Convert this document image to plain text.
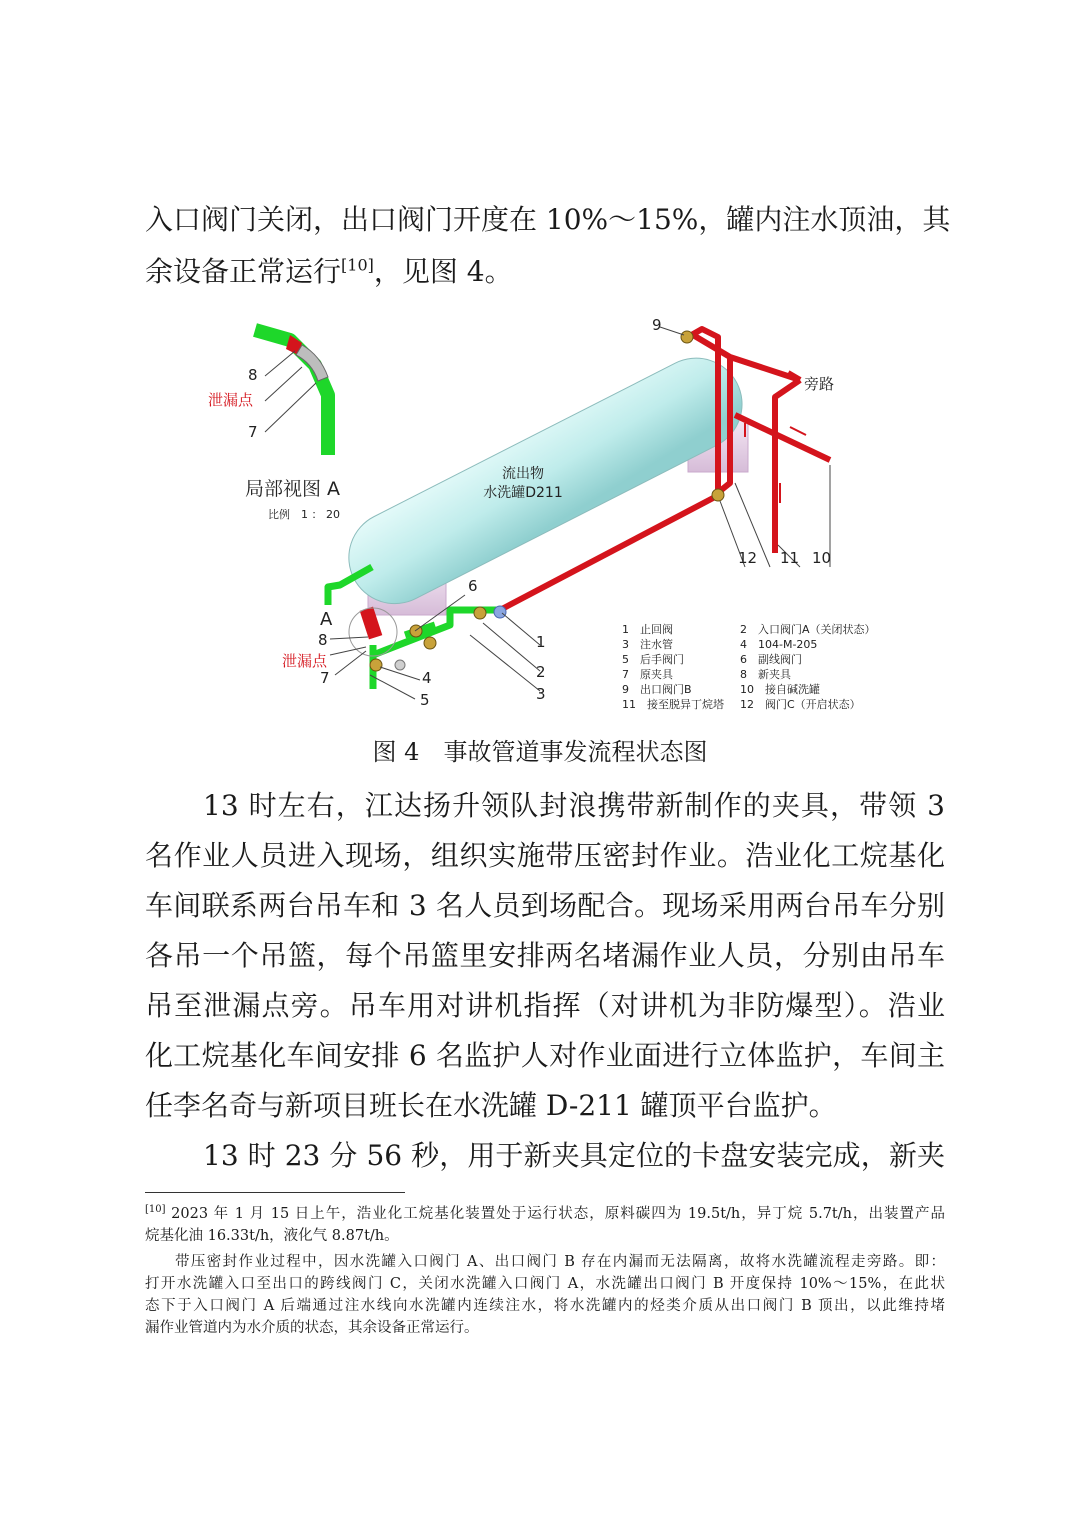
入口阀门关闭，出口阀门开度在 10%～15%，罐内注水顶油，其
余设备正常运行[10]，见图 4。
流出物
水洗罐D211
A
8
泄漏点
7	4
5
6
1
2
3
9
12 11 10
旁路
8
泄漏点
7
局部视图 A
比例　1 ： 20
1　止回阀	2　入口阀门A（关闭状态）
3　注水管	4　104-M-205
5　后手阀门	6　副线阀门
7　原夹具	8　新夹具
9　出口阀门B	10　接自碱洗罐
11　接至脱异丁烷塔 12　阀门C（开启状态）
图 4　事故管道事发流程状态图
13 时左右，江达扬升领队封浪携带新制作的夹具，带领 3
名作业人员进入现场，组织实施带压密封作业。浩业化工烷基化
车间联系两台吊车和 3 名人员到场配合。现场采用两台吊车分别
各吊一个吊篮，每个吊篮里安排两名堵漏作业人员，分别由吊车
吊至泄漏点旁。吊车用对讲机指挥（对讲机为非防爆型）。浩业
化工烷基化车间安排 6 名监护人对作业面进行立体监护，车间主
任李名奇与新项目班长在水洗罐 D-211 罐顶平台监护。
13 时 23 分 56 秒，用于新夹具定位的卡盘安装完成，新夹
[10] 2023 年 1 月 15 日上午，浩业化工烷基化装置处于运行状态，原料碳四为 19.5t/h，异丁烷 5.7t/h，出装置产品
烷基化油 16.33t/h，液化气 8.87t/h。
带压密封作业过程中，因水洗罐入口阀门 A、出口阀门 B 存在内漏而无法隔离，故将水洗罐流程走旁路。即：
打开水洗罐入口至出口的跨线阀门 C，关闭水洗罐入口阀门 A，水洗罐出口阀门 B 开度保持 10%～15%，在此状
态下于入口阀门 A 后端通过注水线向水洗罐内连续注水，将水洗罐内的烃类介质从出口阀门 B 顶出，以此维持堵
漏作业管道内为水介质的状态，其余设备正常运行。
